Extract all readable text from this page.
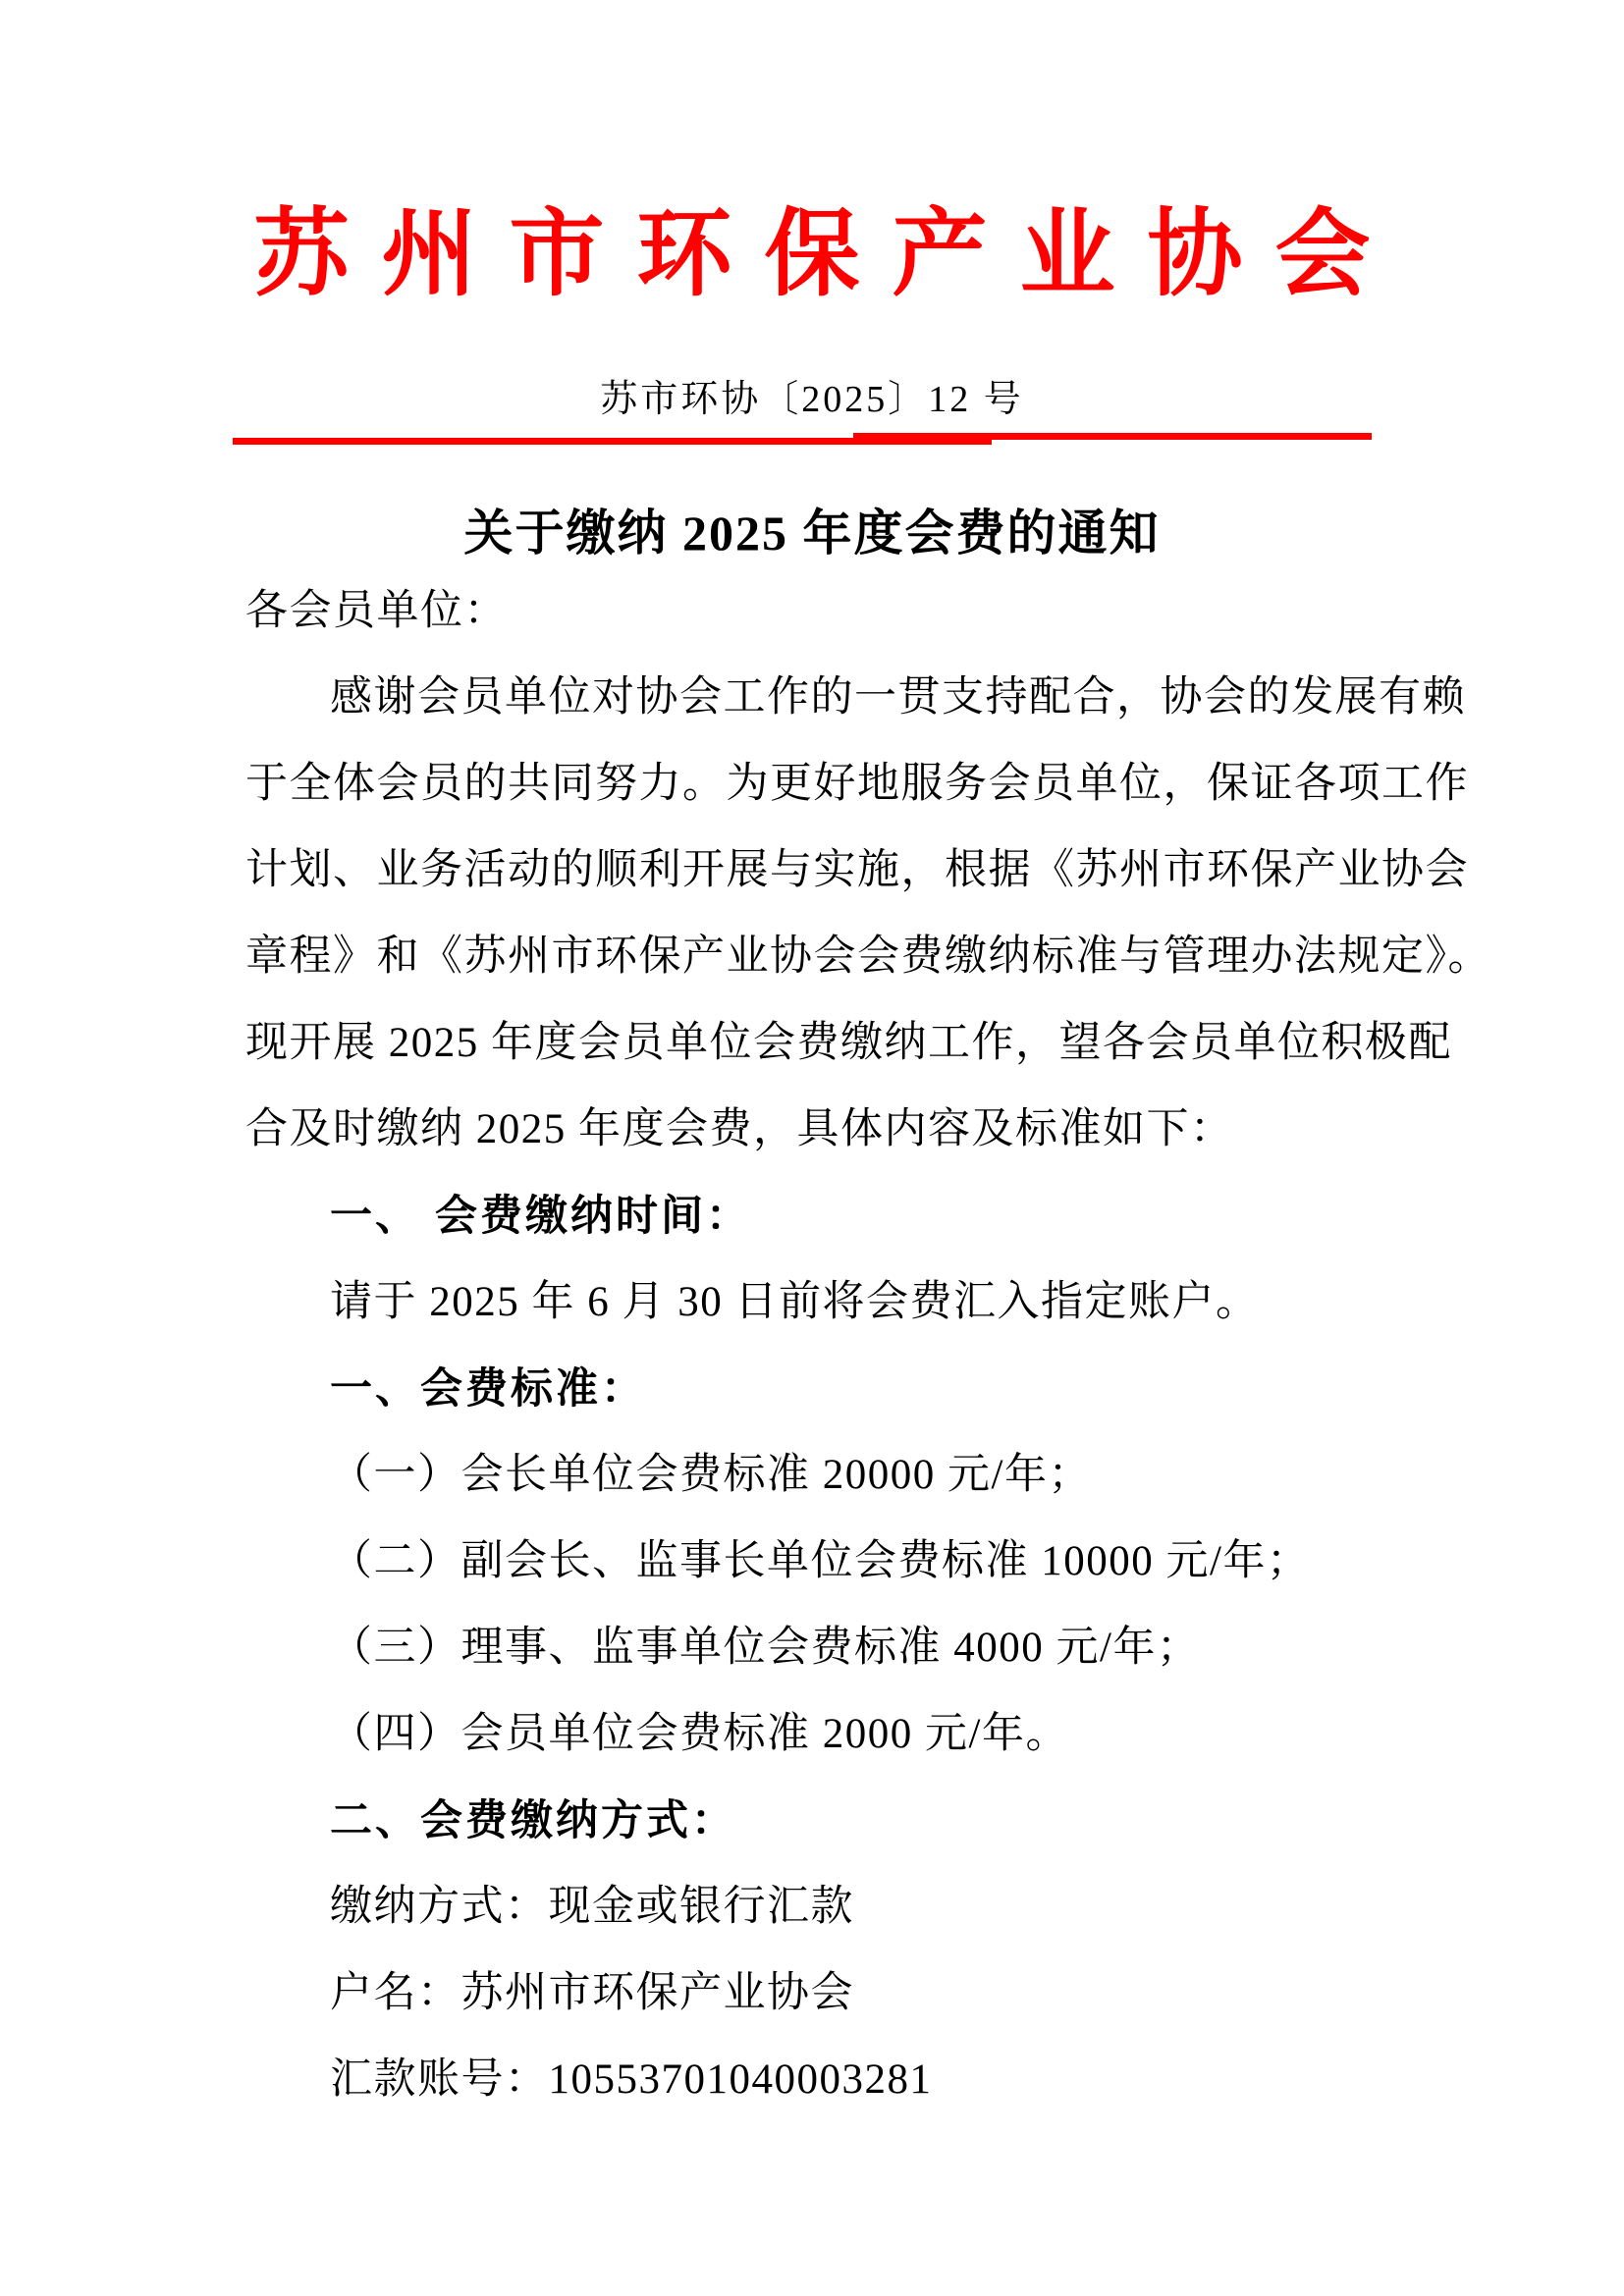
苏州市环保产业协会
苏市环协〔2025〕12 号
关于缴纳 2025 年度会费的通知
各会员单位：
感谢会员单位对协会工作的一贯支持配合，协会的发展有赖
于全体会员的共同努力。为更好地服务会员单位，保证各项工作
计划、业务活动的顺利开展与实施，根据《苏州市环保产业协会
章程》和《苏州市环保产业协会会费缴纳标准与管理办法规定》。
现开展 2025 年度会员单位会费缴纳工作，望各会员单位积极配
合及时缴纳 2025 年度会费，具体内容及标准如下：
一、 会费缴纳时间：
请于 2025 年 6 月 30 日前将会费汇入指定账户。
一、会费标准：
（一）会长单位会费标准 20000 元/年；
（二）副会长、监事长单位会费标准 10000 元/年；
（三）理事、监事单位会费标准 4000 元/年；
（四）会员单位会费标准 2000 元/年。
二、会费缴纳方式：
缴纳方式：现金或银行汇款
户名：苏州市环保产业协会
汇款账号：10553701040003281
